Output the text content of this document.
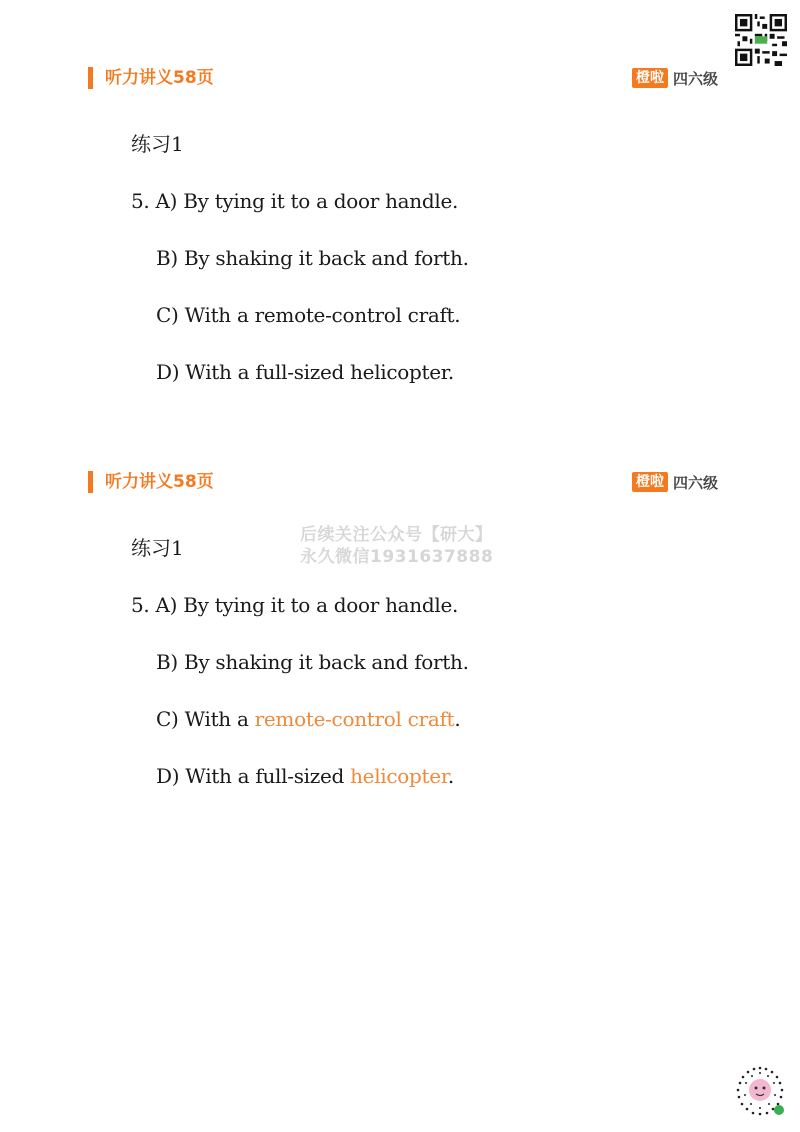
听力讲义58页	橙啦 四六级
练习1
5. A) By tying it to a door handle.
B) By shaking it back and forth.
C) With a remote-control craft.
D) With a full-sized helicopter.
听力讲义58页	橙啦 四六级
后续关注公众号【研大】
永久微信1931637888
练习1
5. A) By tying it to a door handle.
B) By shaking it back and forth.
C) With a remote-control craft.
D) With a full-sized helicopter.
